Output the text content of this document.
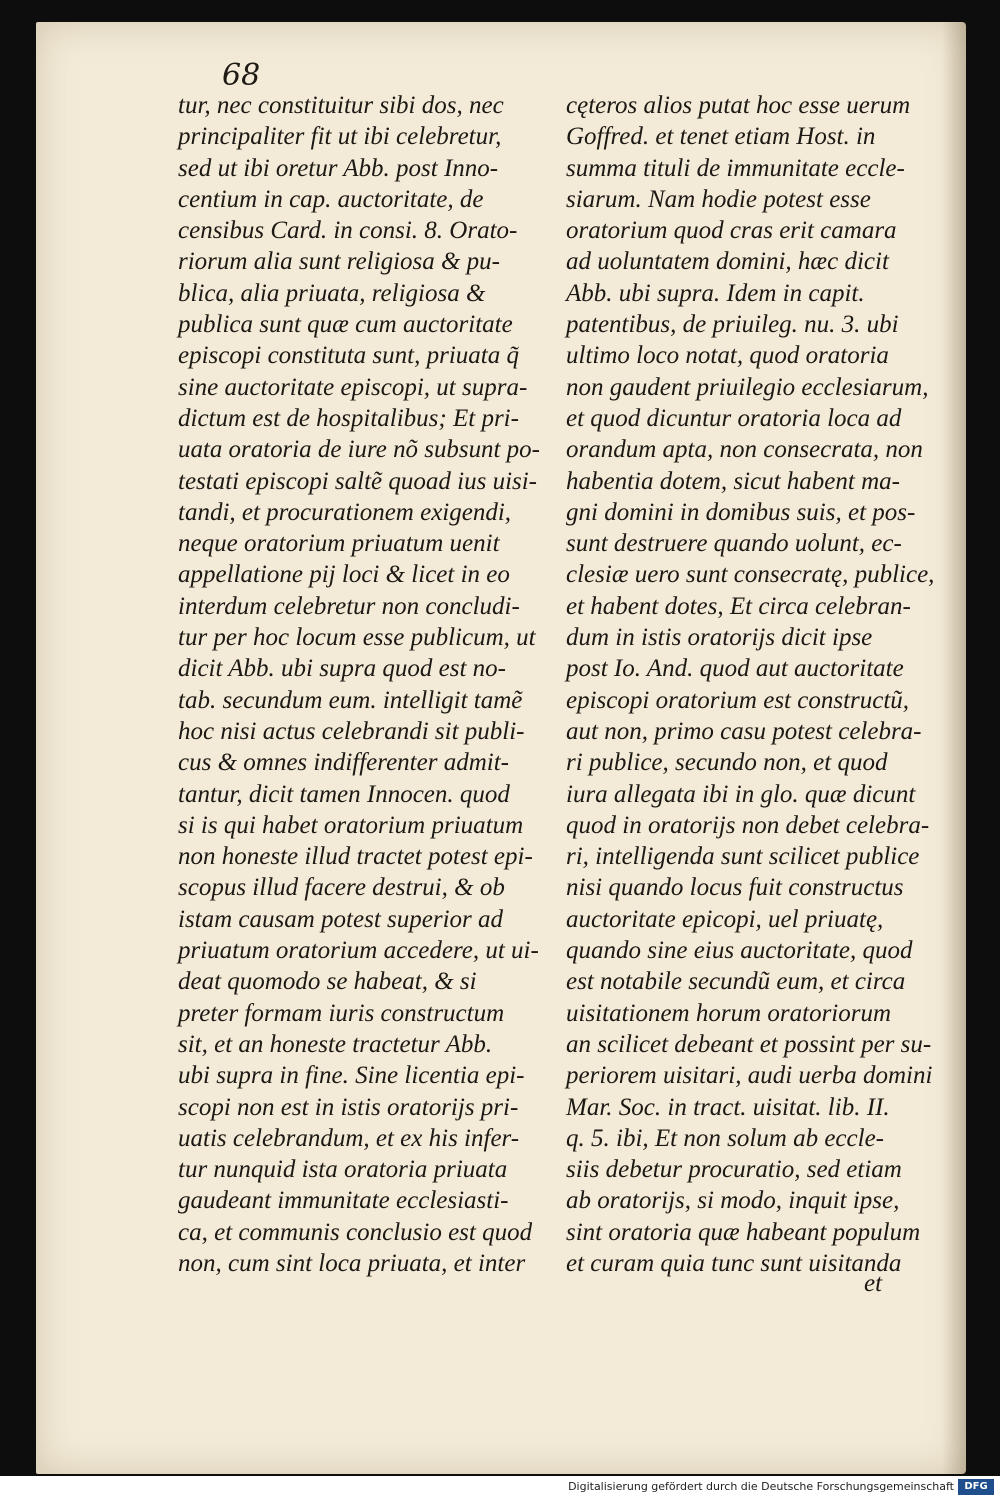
68
tur, nec constituitur sibi dos, nec
principaliter fit ut ibi celebretur,
sed ut ibi oretur Abb. post Inno-
centium in cap. auctoritate, de
censibus Card. in consi. 8. Orato-
riorum alia sunt religiosa & pu-
blica, alia priuata, religiosa &
publica sunt quæ cum auctoritate
episcopi constituta sunt, priuata q̃
sine auctoritate episcopi, ut supra-
dictum est de hospitalibus; Et pri-
uata oratoria de iure nõ subsunt po-
testati episcopi saltẽ quoad ius uisi-
tandi, et procurationem exigendi,
neque oratorium priuatum uenit
appellatione pij loci & licet in eo
interdum celebretur non concludi-
tur per hoc locum esse publicum, ut
dicit Abb. ubi supra quod est no-
tab. secundum eum. intelligit tamẽ
hoc nisi actus celebrandi sit publi-
cus & omnes indifferenter admit-
tantur, dicit tamen Innocen. quod
si is qui habet oratorium priuatum
non honeste illud tractet potest epi-
scopus illud facere destrui, & ob
istam causam potest superior ad
priuatum oratorium accedere, ut ui-
deat quomodo se habeat, & si
preter formam iuris constructum
sit, et an honeste tractetur Abb.
ubi supra in fine. Sine licentia epi-
scopi non est in istis oratorijs pri-
uatis celebrandum, et ex his infer-
tur nunquid ista oratoria priuata
gaudeant immunitate ecclesiasti-
ca, et communis conclusio est quod
non, cum sint loca priuata, et inter
cęteros alios putat hoc esse uerum
Goffred. et tenet etiam Host. in
summa tituli de immunitate eccle-
siarum. Nam hodie potest esse
oratorium quod cras erit camara
ad uoluntatem domini, hæc dicit
Abb. ubi supra. Idem in capit.
patentibus, de priuileg. nu. 3. ubi
ultimo loco notat, quod oratoria
non gaudent priuilegio ecclesiarum,
et quod dicuntur oratoria loca ad
orandum apta, non consecrata, non
habentia dotem, sicut habent ma-
gni domini in domibus suis, et pos-
sunt destruere quando uolunt, ec-
clesiæ uero sunt consecratę, publice,
et habent dotes, Et circa celebran-
dum in istis oratorijs dicit ipse
post Io. And. quod aut auctoritate
episcopi oratorium est constructũ,
aut non, primo casu potest celebra-
ri publice, secundo non, et quod
iura allegata ibi in glo. quæ dicunt
quod in oratorijs non debet celebra-
ri, intelligenda sunt scilicet publice
nisi quando locus fuit constructus
auctoritate epicopi, uel priuatę,
quando sine eius auctoritate, quod
est notabile secundũ eum, et circa
uisitationem horum oratoriorum
an scilicet debeant et possint per su-
periorem uisitari, audi uerba domini
Mar. Soc. in tract. uisitat. lib. II.
q. 5. ibi, Et non solum ab eccle-
siis debetur procuratio, sed etiam
ab oratorijs, si modo, inquit ipse,
sint oratoria quæ habeant populum
et curam quia tunc sunt uisitanda
et
Digitalisierung gefördert durch die Deutsche Forschungsgemeinschaft	DFG
